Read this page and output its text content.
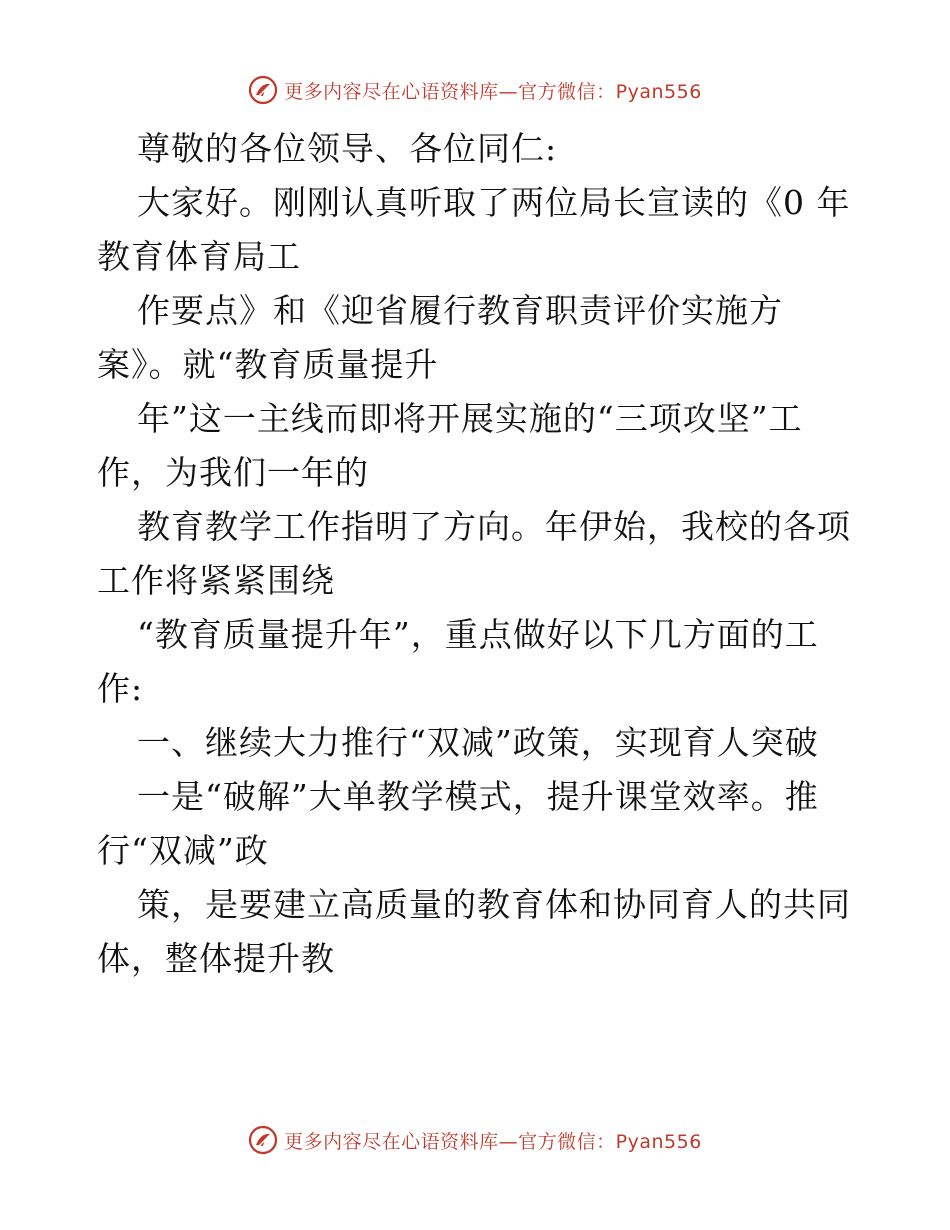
更多内容尽在心语资料库—官方微信：Pyan556
尊敬的各位领导、各位同仁:
大家好。刚刚认真听取了两位局长宣读的《0 年
教育体育局工
作要点》和《迎省履行教育职责评价实施方
案》。就“教育质量提升
年”这一主线而即将开展实施的“三项攻坚”工
作，为我们一年的
教育教学工作指明了方向。年伊始，我校的各项
工作将紧紧围绕
“教育质量提升年”，重点做好以下几方面的工
作:
一、继续大力推行“双减”政策，实现育人突破
一是“破解”大单教学模式，提升课堂效率。推
行“双减”政
策，是要建立高质量的教育体和协同育人的共同
体，整体提升教
更多内容尽在心语资料库—官方微信：Pyan556
